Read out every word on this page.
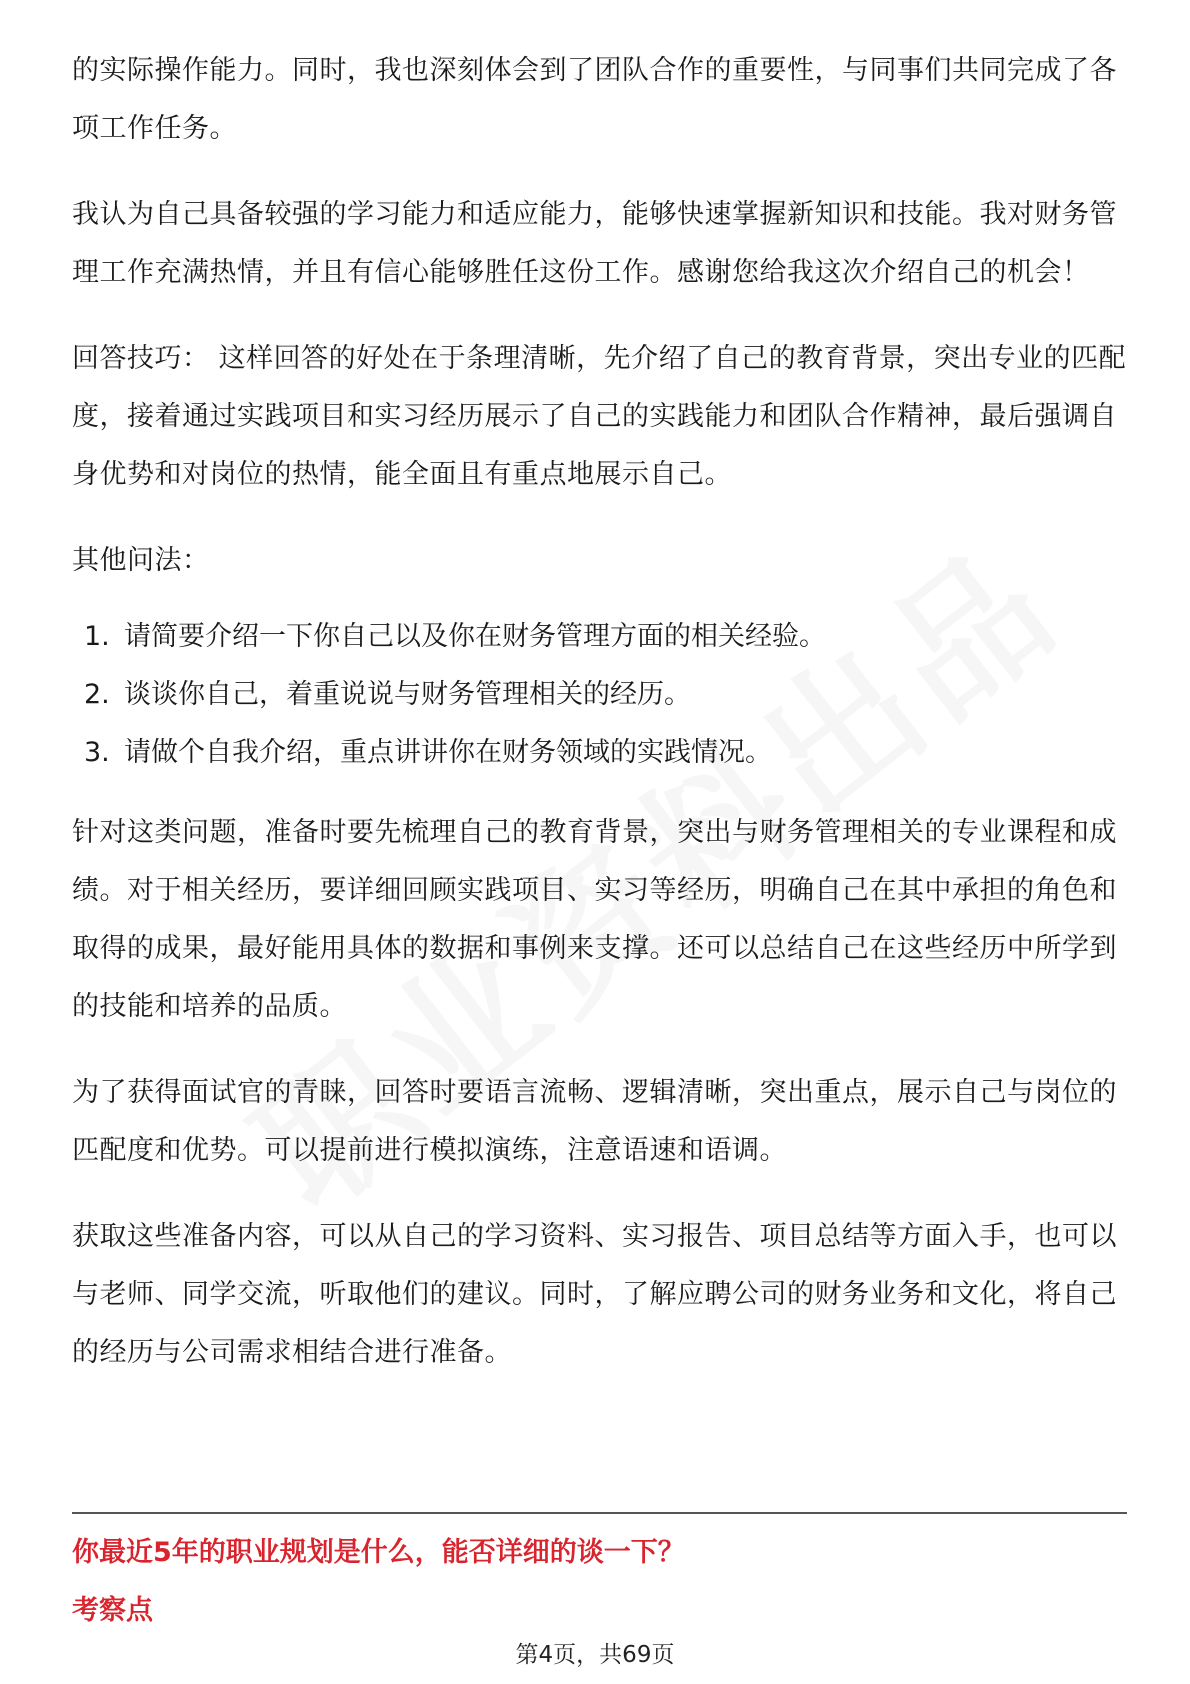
的实际操作能力。同时，我也深刻体会到了团队合作的重要性，与同事们共同完成了各项工作任务。

我认为自己具备较强的学习能力和适应能力，能够快速掌握新知识和技能。我对财务管理工作充满热情，并且有信心能够胜任这份工作。感谢您给我这次介绍自己的机会！

回答技巧： 这样回答的好处在于条理清晰，先介绍了自己的教育背景，突出专业的匹配度，接着通过实践项目和实习经历展示了自己的实践能力和团队合作精神，最后强调自身优势和对岗位的热情，能全面且有重点地展示自己。

其他问法：

1. 请简要介绍一下你自己以及你在财务管理方面的相关经验。
2. 谈谈你自己，着重说说与财务管理相关的经历。
3. 请做个自我介绍，重点讲讲你在财务领域的实践情况。

针对这类问题，准备时要先梳理自己的教育背景，突出与财务管理相关的专业课程和成绩。对于相关经历，要详细回顾实践项目、实习等经历，明确自己在其中承担的角色和取得的成果，最好能用具体的数据和事例来支撑。还可以总结自己在这些经历中所学到的技能和培养的品质。

为了获得面试官的青睐，回答时要语言流畅、逻辑清晰，突出重点，展示自己与岗位的匹配度和优势。可以提前进行模拟演练，注意语速和语调。

获取这些准备内容，可以从自己的学习资料、实习报告、项目总结等方面入手，也可以与老师、同学交流，听取他们的建议。同时，了解应聘公司的财务业务和文化，将自己的经历与公司需求相结合进行准备。

你最近5年的职业规划是什么，能否详细的谈一下？
考察点
第4页，共69页
